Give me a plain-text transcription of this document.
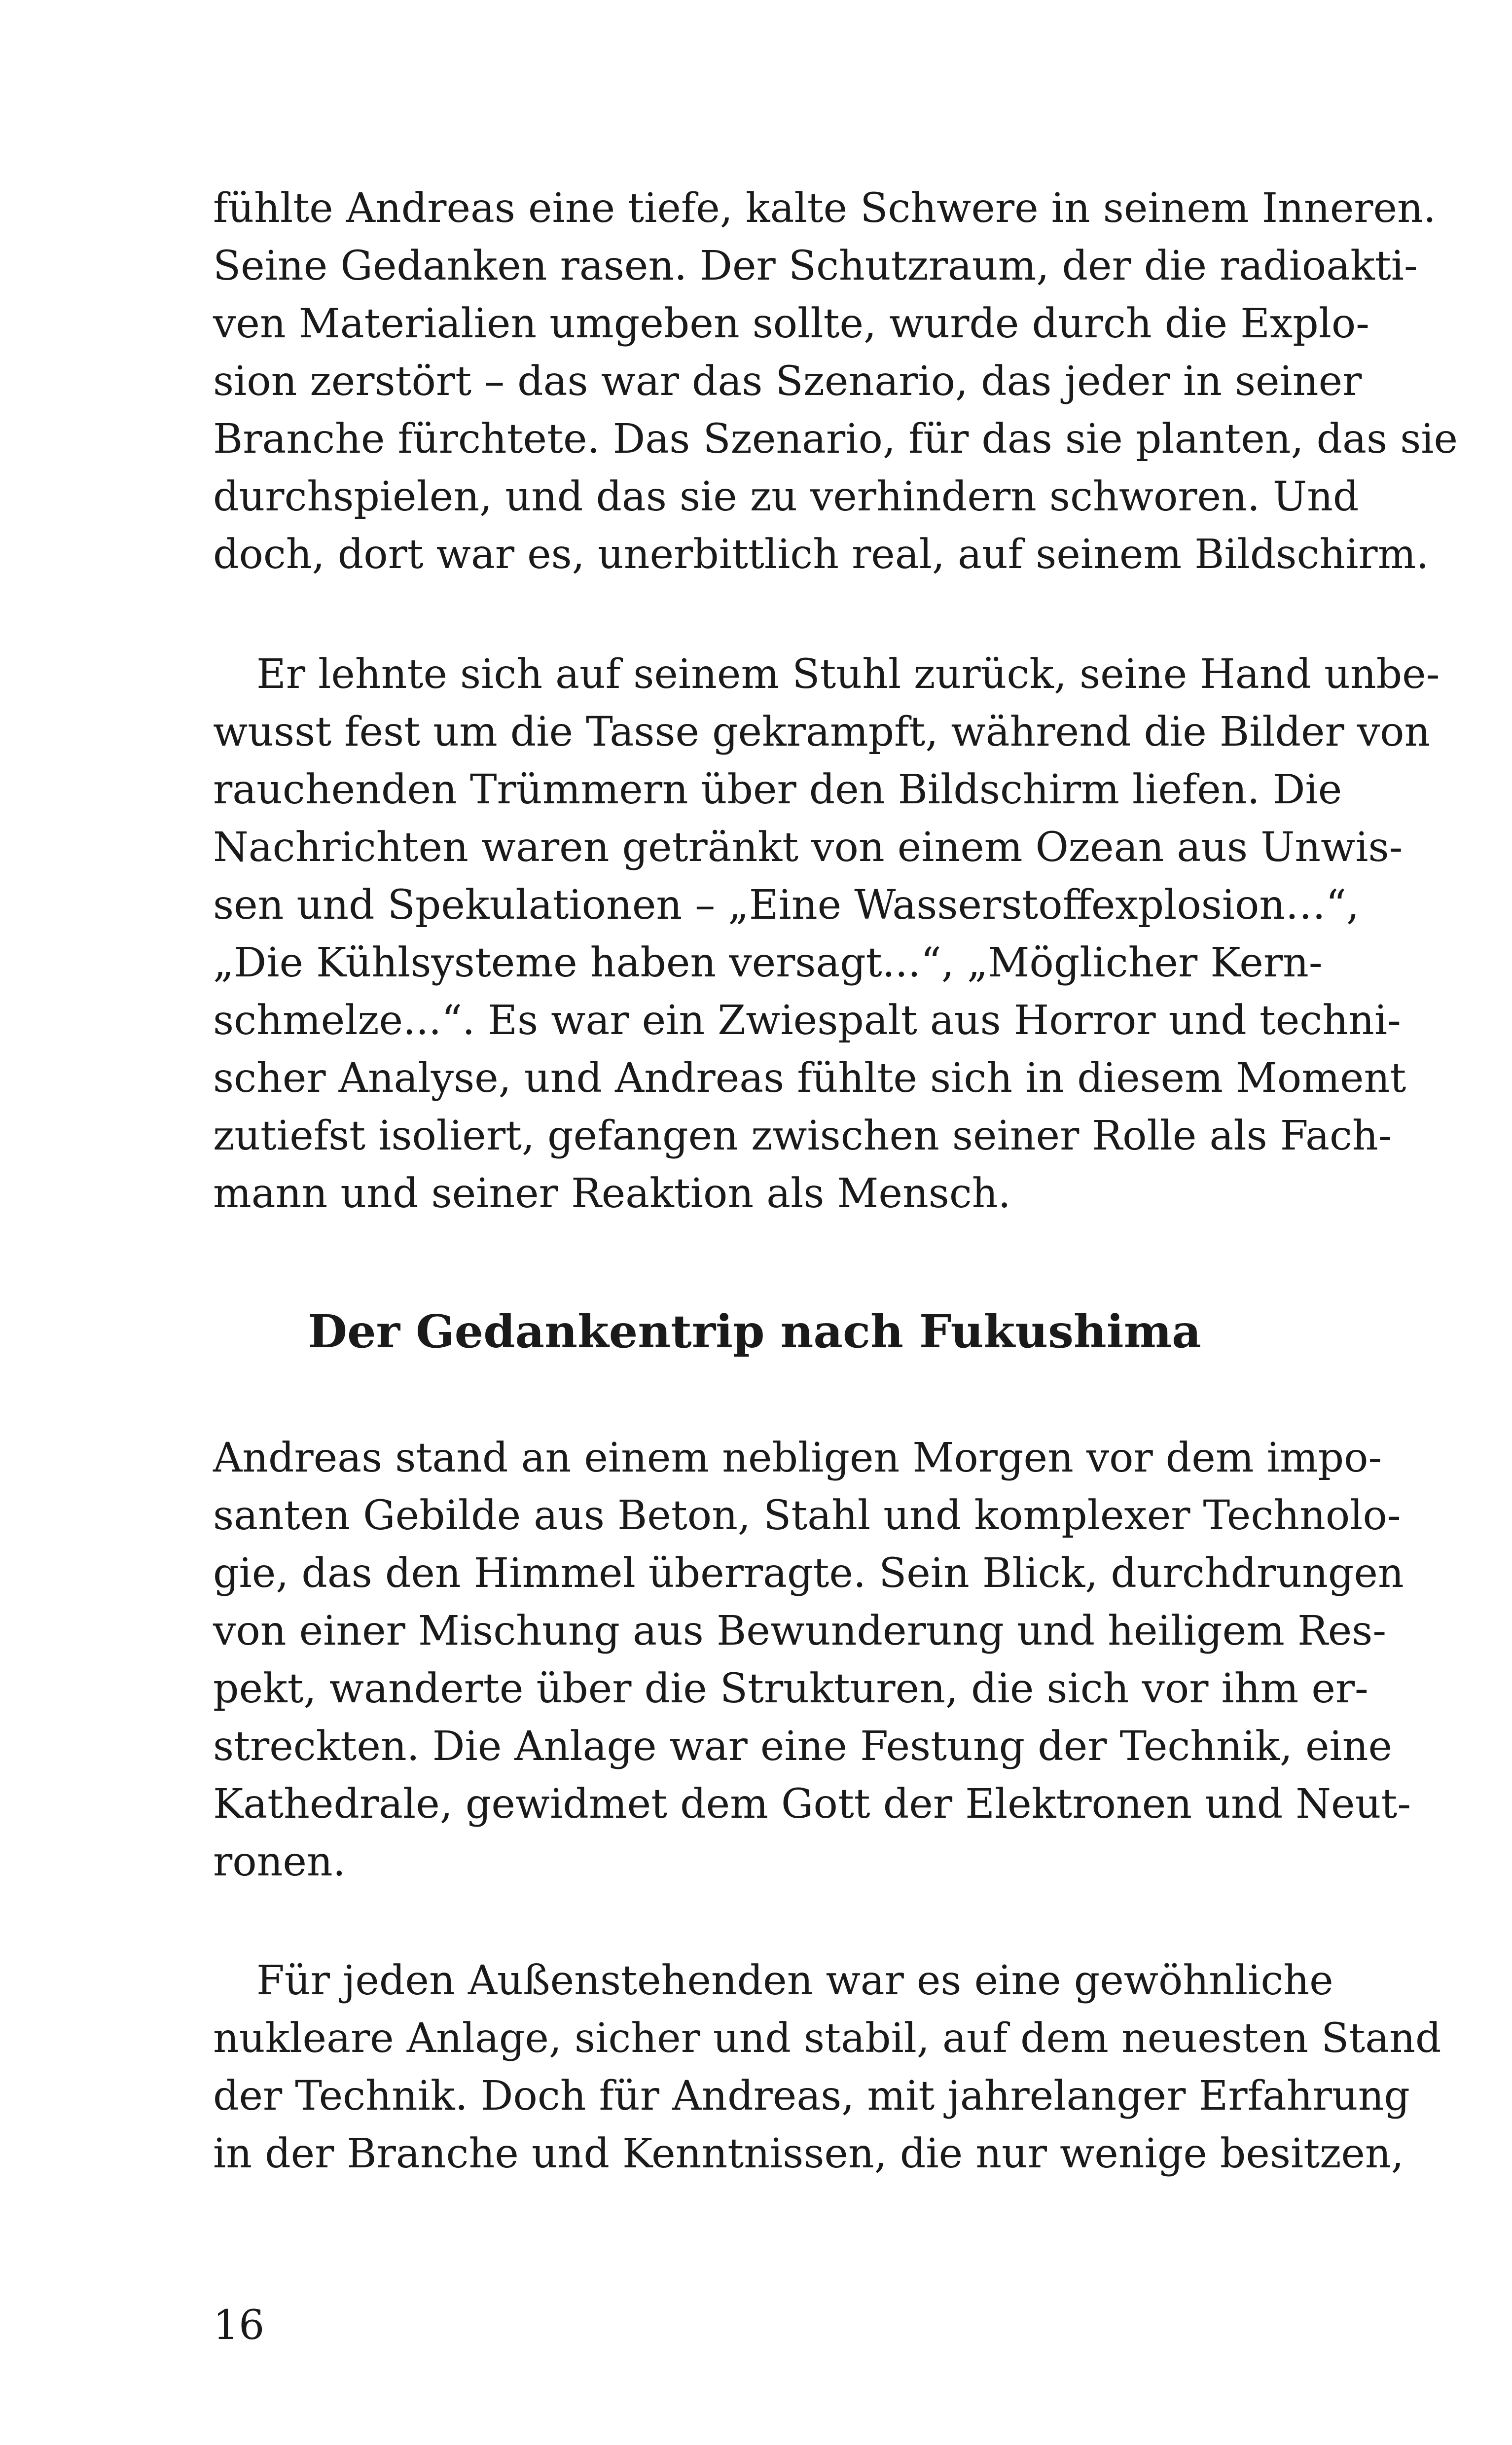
fühlte Andreas eine tiefe, kalte Schwere in seinem Inneren.
Seine Gedanken rasen. Der Schutzraum, der die radioakti-
ven Materialien umgeben sollte, wurde durch die Explo-
sion zerstört – das war das Szenario, das jeder in seiner
Branche fürchtete. Das Szenario, für das sie planten, das sie
durchspielen, und das sie zu verhindern schworen. Und
doch, dort war es, unerbittlich real, auf seinem Bildschirm.
Er lehnte sich auf seinem Stuhl zurück, seine Hand unbe-
wusst fest um die Tasse gekrampft, während die Bilder von
rauchenden Trümmern über den Bildschirm liefen. Die
Nachrichten waren getränkt von einem Ozean aus Unwis-
sen und Spekulationen – „Eine Wasserstoffexplosion…“,
„Die Kühlsysteme haben versagt...“, „Möglicher Kern-
schmelze...“. Es war ein Zwiespalt aus Horror und techni-
scher Analyse, und Andreas fühlte sich in diesem Moment
zutiefst isoliert, gefangen zwischen seiner Rolle als Fach-
mann und seiner Reaktion als Mensch.
Der Gedankentrip nach Fukushima
Andreas stand an einem nebligen Morgen vor dem impo-
santen Gebilde aus Beton, Stahl und komplexer Technolo-
gie, das den Himmel überragte. Sein Blick, durchdrungen
von einer Mischung aus Bewunderung und heiligem Res-
pekt, wanderte über die Strukturen, die sich vor ihm er-
streckten. Die Anlage war eine Festung der Technik, eine
Kathedrale, gewidmet dem Gott der Elektronen und Neut-
ronen.
Für jeden Außenstehenden war es eine gewöhnliche
nukleare Anlage, sicher und stabil, auf dem neuesten Stand
der Technik. Doch für Andreas, mit jahrelanger Erfahrung
in der Branche und Kenntnissen, die nur wenige besitzen,
16
